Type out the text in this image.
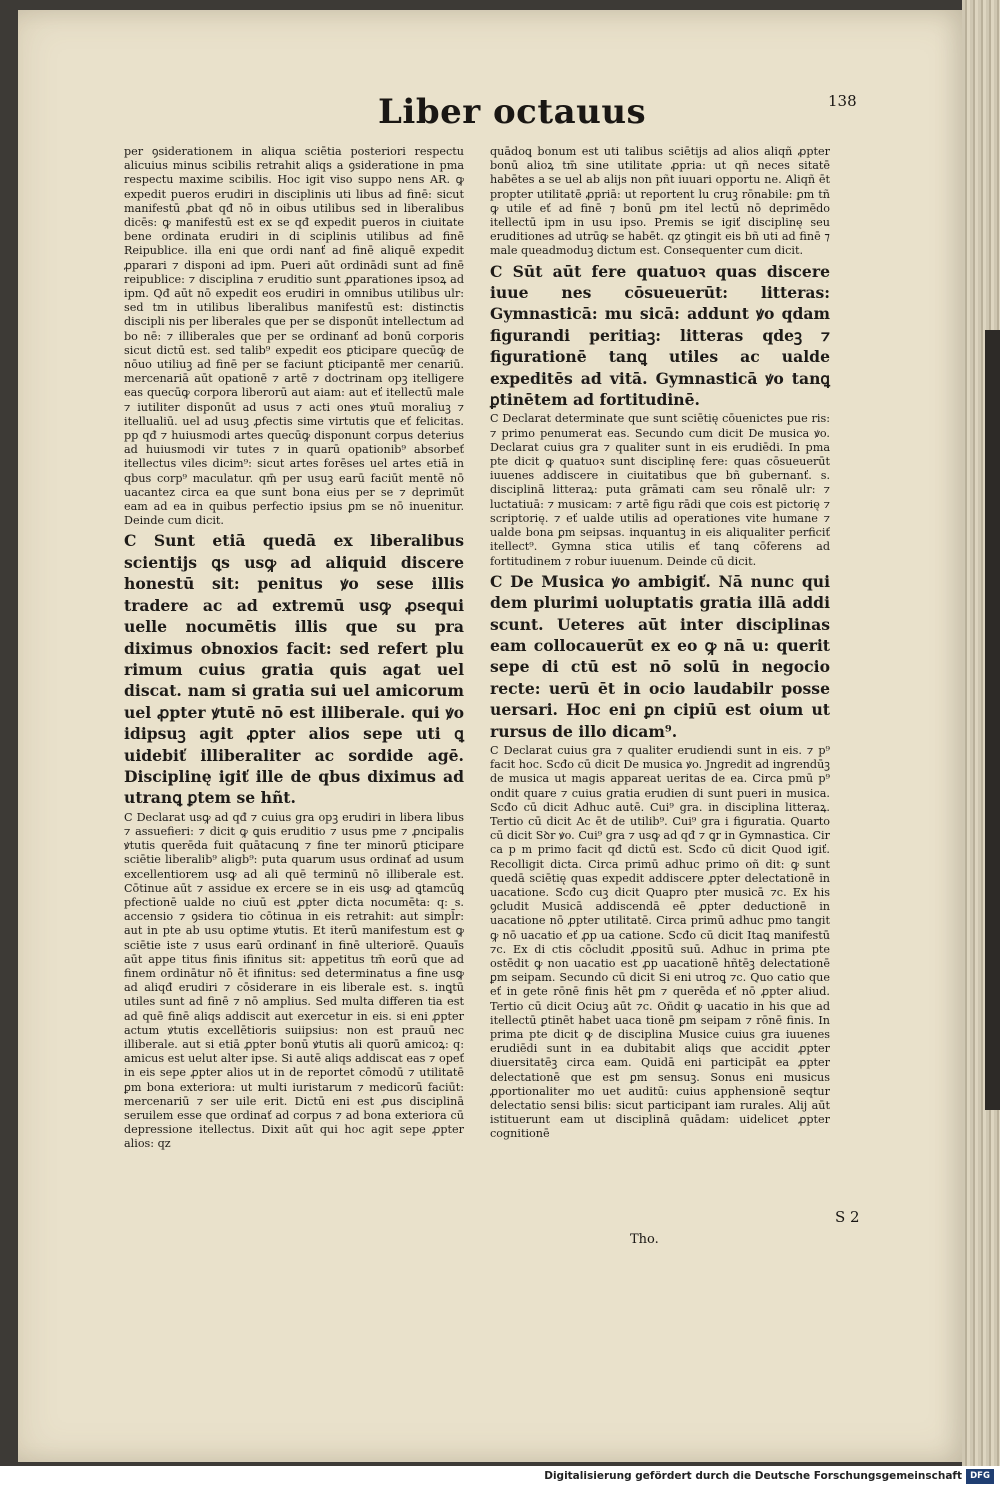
Liber octauus	138

per ꝯsiderationem in aliqua sciētia posteriori respectu alicuius minus scibilis retrahit aliqs a ꝯsideratione in pma respectu maxime scibilis. Hoc igit viso suppo nens AR. ꝙ expedit pueros erudiri in disciplinis uti libus ad finē: sicut manifestū ꝓbat qđ nō in oibus utilibus sed in liberalibus dicēs: ꝙ manifestū est ex se qđ expedit pueros in ciuitate bene ordinata erudiri in di sciplinis utilibus ad finē Reipublice. illa eni que ordi nanť ad finē aliquē expedit ꝓparari ⁊ disponi ad ipm. Pueri aūt ordinādi sunt ad finē reipublice: ⁊ disciplina ⁊ eruditio sunt ꝓparationes ipsoꝝ ad ipm. Qđ aūt nō expedit eos erudiri in omnibus utilibus ulr: sed tm in utilibus liberalibus manifestū est: distinctis discipli nis per liberales que per se disponūt intellectum ad bo nē: ⁊ illiberales que per se ordinanť ad bonū corporis sicut dictū est. sed talib⁹ expedit eos ꝑticipare quecūꝙ de nōuo utiliuꝫ ad finē per se faciunt ꝑticipantē mer cenariū. mercenariā aūt opationē ⁊ artē ⁊ doctrinam opꝫ itelligere eas quecūꝙ corpora liberorū aut aiam: aut eť itellectū male ⁊ iutiliter disponūt ad usus ⁊ acti ones ꝟtuū moraliuꝫ ⁊ itellualiū. uel ad usuꝫ ꝓfectis sime virtutis que eť felicitas. pp qđ ⁊ huiusmodi artes quecūꝙ disponunt corpus deterius ad huiusmodi vir tutes ⁊ in quarū opationib⁹ absorbeť itellectus viles dicim⁹: sicut artes forēses uel artes etiā in qbus corp⁹ maculatur. qm̄ per usuꝫ earū faciūt mentē nō uacantez circa ea que sunt bona eius per se ⁊ deprimūt eam ad ea in quibus perfectio ipsius ꝑm se nō inuenitur. Deinde cum dicit.

C Sunt etiā quedā ex liberalibus scientijs ꝗs usꝙ ad aliquid discere honestū sit: penitus ꝟo sese illis tradere ac ad extremū usꝙ ꝓsequi uelle nocumētis illis que su pra diximus obnoxios facit: sed refert plu rimum cuius gratia quis agat uel discat. nam si gratia sui uel amicorum uel ꝓpter ꝟtutē nō est illiberale. qui ꝟo idipsuꝫ agit ꝓpter alios sepe uti ꝗ uidebiť illiberaliter ac sordide agē. Disciplinę igiť ille de qbus diximus ad utranꝗ ꝑtem se hñt.

C Declarat usꝙ ad qđ ⁊ cuius gra opꝫ erudiri in libera libus ⁊ assuefieri: ⁊ dicit ꝙ ꝗuis eruditio ⁊ usus pme ⁊ ꝓncipalis ꝟtutis querēda fuit quātacunꝗ ⁊ fine ter minorū ꝑticipare sciētie liberalib⁹ aligb⁹: puta quarum usus ordinať ad usum excellentiorem usꝙ ad ali quē terminū nō illiberale est. Cōtinue aūt ⁊ assidue ex ercere se in eis usꝙ ad ꝗtamcūꝗ pfectionē ualde no ciuū est ꝓpter dicta nocumēta: q: s. accensio ⁊ ꝯsidera tio cōtinua in eis retrahit: aut simpl̄r: aut in pte ab usu optime ꝟtutis. Et iterū manifestum est ꝙ sciētie iste ⁊ usus earū ordinanť in finē ulteriorē. Quauīs aūt appe titus finis ifinitus sit: appetitus tm̄ eorū que ad finem ordinātur nō ēt ifinitus: sed determinatus a fine usꝙ ad aliqđ erudiri ⁊ cōsiderare in eis liberale est. s. inꝗtū utiles sunt ad finē ⁊ nō amplius. Sed multa differen tia est ad quē finē aliqs addiscit aut exercetur in eis. si eni ꝓpter actum ꝟtutis excellētioris suiipsius: non est prauū nec illiberale. aut si etiā ꝓpter bonū ꝟtutis ali quorū amicoꝝ: q: amicus est uelut alter ipse. Si autē aliqs addiscat eas ⁊ opeť in eis sepe ꝓpter alios ut in de reportet cōmodū ⁊ utilitatē ꝑm bona exteriora: ut multi iuristarum ⁊ medicorū faciūt: mercenariū ⁊ ser uile erit. Dictū eni est ꝓus disciplinā seruilem esse que ordinať ad corpus ⁊ ad bona exteriora cū depressione itellectus. Dixit aūt qui hoc agit sepe ꝓpter alios: qz

quādoꝗ bonum est uti talibus sciētijs ad alios aliqñ ꝓpter bonū alioꝝ tm̄ sine utilitate ꝓpria: ut qñ neces sitatē habētes a se uel ab alijs non pñt iuuari opportu ne. Aliqñ ēt propter utilitatē ꝓpriā: ut reportent lu cruꝫ rōnabile: ꝑm tñ ꝙ utile eť ad finē ⁊ bonū ꝑm itel lectū nō deprimēdo itellectū ipm in usu ipso. Premis se igiť disciplinę seu eruditiones ad utrūꝙ se habēt. qz ꝯtingit eis bñ uti ad finē ⁊ male queadmoduꝫ dictum est. Consequenter cum dicit.

C Sūt aūt fere quatuoꝛ quas discere iuue nes cōsueuerūt: litteras: Gymnasticā: mu sicā: addunt ꝟo qdam figurandi peritiaꝫ: litteras qdeꝫ ⁊ figurationē tanꝗ utiles ac ualde expeditēs ad vitā. Gymnasticā ꝟo tanꝗ ꝑtinētem ad fortitudinē.

C Declarat determinate que sunt sciētię cōuenictes pue ris: ⁊ primo penumerat eas. Secundo cum dicit De musica ꝟo. Declarat cuius gra ⁊ qualiter sunt in eis erudiēdi. In pma pte dicit ꝙ quatuoꝛ sunt disciplinę fere: quas cōsueuerūt iuuenes addiscere in ciuitatibus que bñ gubernanť. s. disciplinā litteraꝝ: puta grāmati cam seu rōnalē ulr: ⁊ luctatiuā: ⁊ musicam: ⁊ artē figu rādi que cois est pictorię ⁊ scriptorię. ⁊ eť ualde utilis ad operationes vite humane ⁊ ualde bona ꝑm seipsas. inquantuꝫ in eis aliqualiter perficiť itellect⁹. Gymna stica utilis eť tanꝗ cōferens ad fortitudinem ⁊ robur iuuenum. Deinde cū dicit.

C De Musica ꝟo ambigiť. Nā nunc qui dem plurimi uoluptatis gratia illā addi scunt. Ueteres aūt inter disciplinas eam collocauerūt ex eo ꝙ nā u: querit sepe di ctū est nō solū in negocio recte: uerū ēt in ocio laudabilr posse uersari. Hoc eni ꝑn cipiū est oium ut rursus de illo dicam⁹.

C Declarat cuius gra ⁊ qualiter erudiendi sunt in eis. ⁊ p⁹ facit hoc. Scđo cū dicit De musica ꝟo. Jngredit ad ingrendūꝫ de musica ut magis appareat ueritas de ea. Circa pmū p⁹ ondit quare ⁊ cuius gratia erudien di sunt pueri in musica. Scđo cū dicit Adhuc autē. Cui⁹ gra. in disciplina litteraꝝ. Tertio cū dicit Ac ēt de utilib⁹. Cui⁹ gra i figuratia. Quarto cū dicit Sꝺr ꝟo. Cui⁹ gra ⁊ usꝙ ad qđ ⁊ ꝗr in Gymnastica. Cir ca p m primo facit qđ dictū est. Scđo cū dicit Quod igiť. Recolligit dicta. Circa primū adhuc primo oñ dit: ꝙ sunt quedā sciētię quas expedit addiscere ꝓpter delectationē in uacatione. Scđo cuꝫ dicit Quapro pter musicā ⁊c. Ex his ꝯcludit Musicā addiscendā eē ꝓpter deductionē in uacatione nō ꝓpter utilitatē. Circa primū adhuc pmo tangit ꝙ nō uacatio eť ꝓp ua catione. Scđo cū dicit Itaꝗ manifestū ⁊c. Ex di ctis cōcludit ꝓpositū suū. Adhuc in prima pte ostēdit ꝙ non uacatio est ꝓp uacationē hñtēꝫ delectationē ꝑm seipam. Secundo cū dicit Si eni utroꝗ ⁊c. Quo catio que eť in gete rōnē finis hēt ꝑm ⁊ querēda eť nō ꝓpter aliud. Tertio cū dicit Ociuꝫ aūt ⁊c. Oñdit ꝙ uacatio in his que ad itellectū ꝑtinēt habet uaca tionē ꝑm seipam ⁊ rōnē finis. In prima pte dicit ꝙ de disciplina Musice cuius gra iuuenes erudiēdi sunt in ea dubitabit aliqs que accidit ꝓpter diuersitatēꝫ circa eam. Quidā eni participāt ea ꝓpter delectationē que est ꝑm sensuꝫ. Sonus eni musicus ꝓportionaliter mo uet auditū: cuius apphensionē seqtur delectatio sensi bilis: sicut participant iam rurales. Alij aūt istituerunt eam ut disciplinā quādam: uidelicet ꝓpter cognitionē

S 2
Tho.
Digitalisierung gefördert durch die Deutsche Forschungsgemeinschaft DFG
